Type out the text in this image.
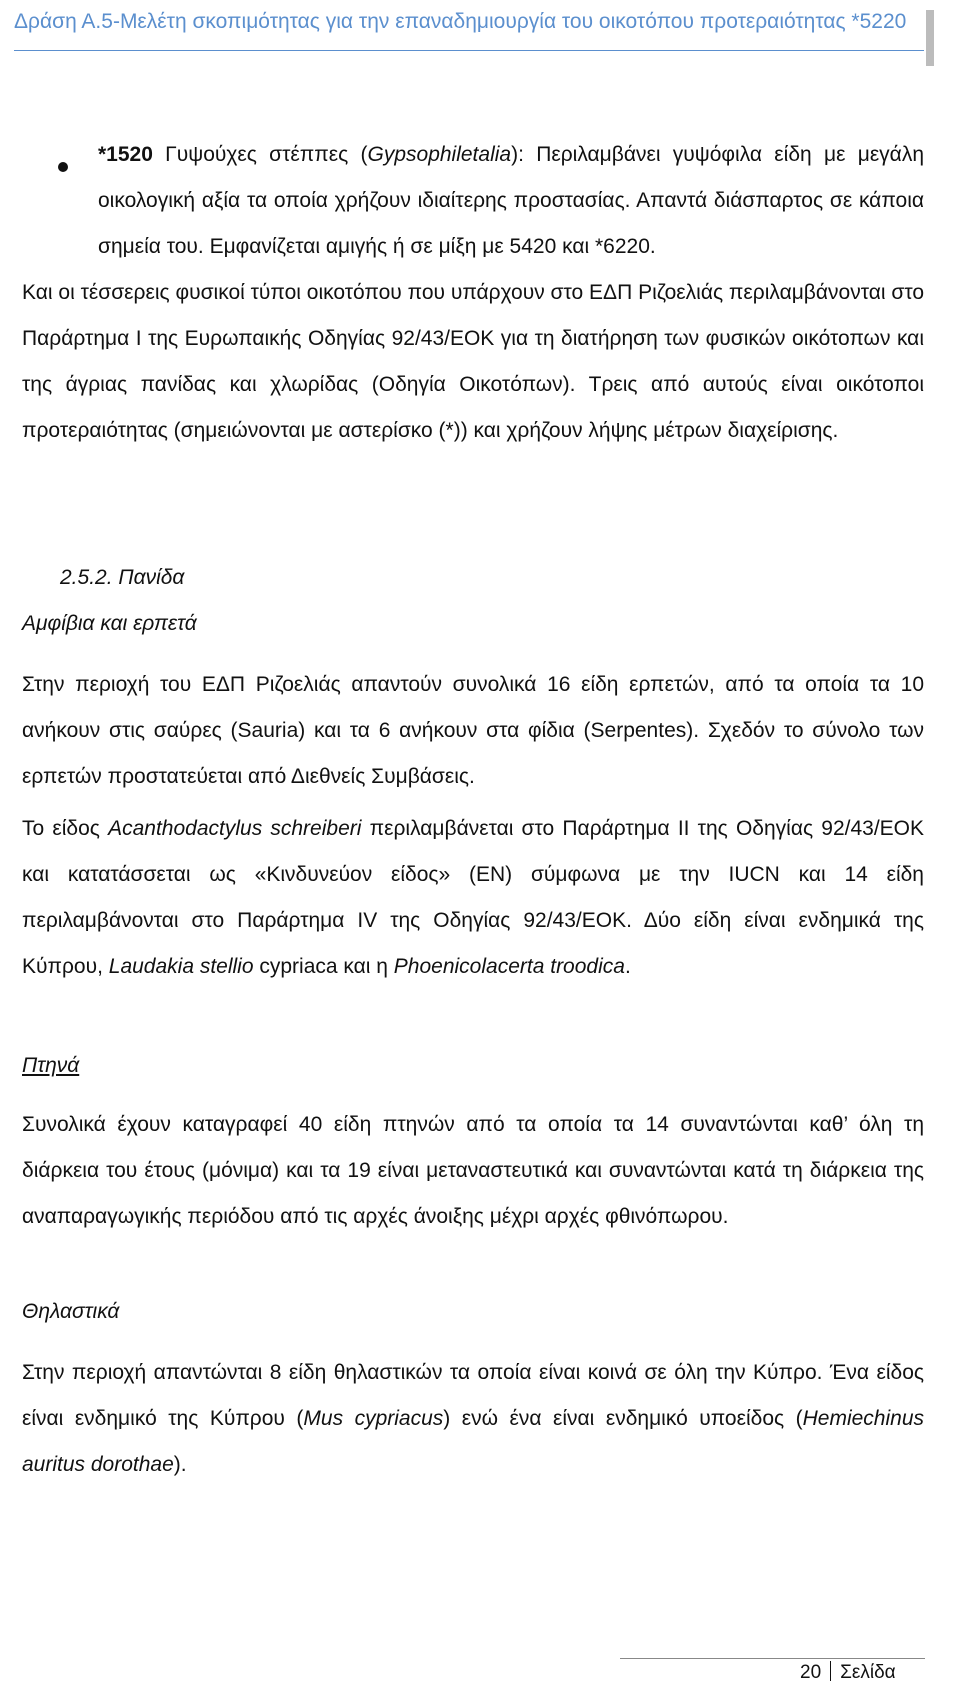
Δράση Α.5-Μελέτη σκοπιμότητας για την επαναδημιουργία του οικοτόπου προτεραιότητας *5220

*1520 Γυψούχες στέππες (Gypsophiletalia): Περιλαμβάνει γυψόφιλα είδη με μεγάλη οικολογική αξία τα οποία χρήζουν ιδιαίτερης προστασίας. Απαντά διάσπαρτος σε κάποια σημεία του. Εμφανίζεται αμιγής ή σε μίξη με 5420 και *6220.

Και οι τέσσερεις φυσικοί τύποι οικοτόπου που υπάρχουν στο ΕΔΠ Ριζοελιάς περιλαμβάνονται στο Παράρτημα Ι της Ευρωπαικής Οδηγίας 92/43/ΕΟΚ για τη διατήρηση των φυσικών οικότοπων και της άγριας πανίδας και χλωρίδας (Οδηγία Οικοτόπων). Τρεις από αυτούς είναι οικότοποι προτεραιότητας (σημειώνονται με αστερίσκο (*)) και χρήζουν λήψης μέτρων διαχείρισης.

2.5.2. Πανίδα

Αμφίβια και ερπετά

Στην περιοχή του ΕΔΠ Ριζοελιάς απαντούν συνολικά 16 είδη ερπετών, από τα οποία τα 10 ανήκουν στις σαύρες (Sauria) και τα 6 ανήκουν στα φίδια (Serpentes). Σχεδόν το σύνολο των ερπετών προστατεύεται από Διεθνείς Συμβάσεις.

Το είδος Acanthodactylus schreiberi περιλαμβάνεται στο Παράρτημα ΙΙ της Οδηγίας 92/43/ΕΟΚ και κατατάσσεται ως «Κινδυνεύον είδος» (EN) σύμφωνα με την IUCN και 14 είδη περιλαμβάνονται στο Παράρτημα IV της Οδηγίας 92/43/ΕΟΚ. Δύο είδη είναι ενδημικά της Κύπρου, Laudakia stellio cypriaca και η Phoenicolacerta troodica.

Πτηνά

Συνολικά έχουν καταγραφεί 40 είδη πτηνών από τα οποία τα 14 συναντώνται καθ’ όλη τη διάρκεια του έτους (μόνιμα) και τα 19 είναι μεταναστευτικά και συναντώνται κατά τη διάρκεια της αναπαραγωγικής περιόδου από τις αρχές άνοιξης μέχρι αρχές φθινόπωρου.

Θηλαστικά

Στην περιοχή απαντώνται 8 είδη θηλαστικών τα οποία είναι κοινά σε όλη την Κύπρο. Ένα είδος είναι ενδημικό της Κύπρου (Mus cypriacus) ενώ ένα είναι ενδημικό υποείδος (Hemiechinus auritus dorothae).

20 Σελίδα
